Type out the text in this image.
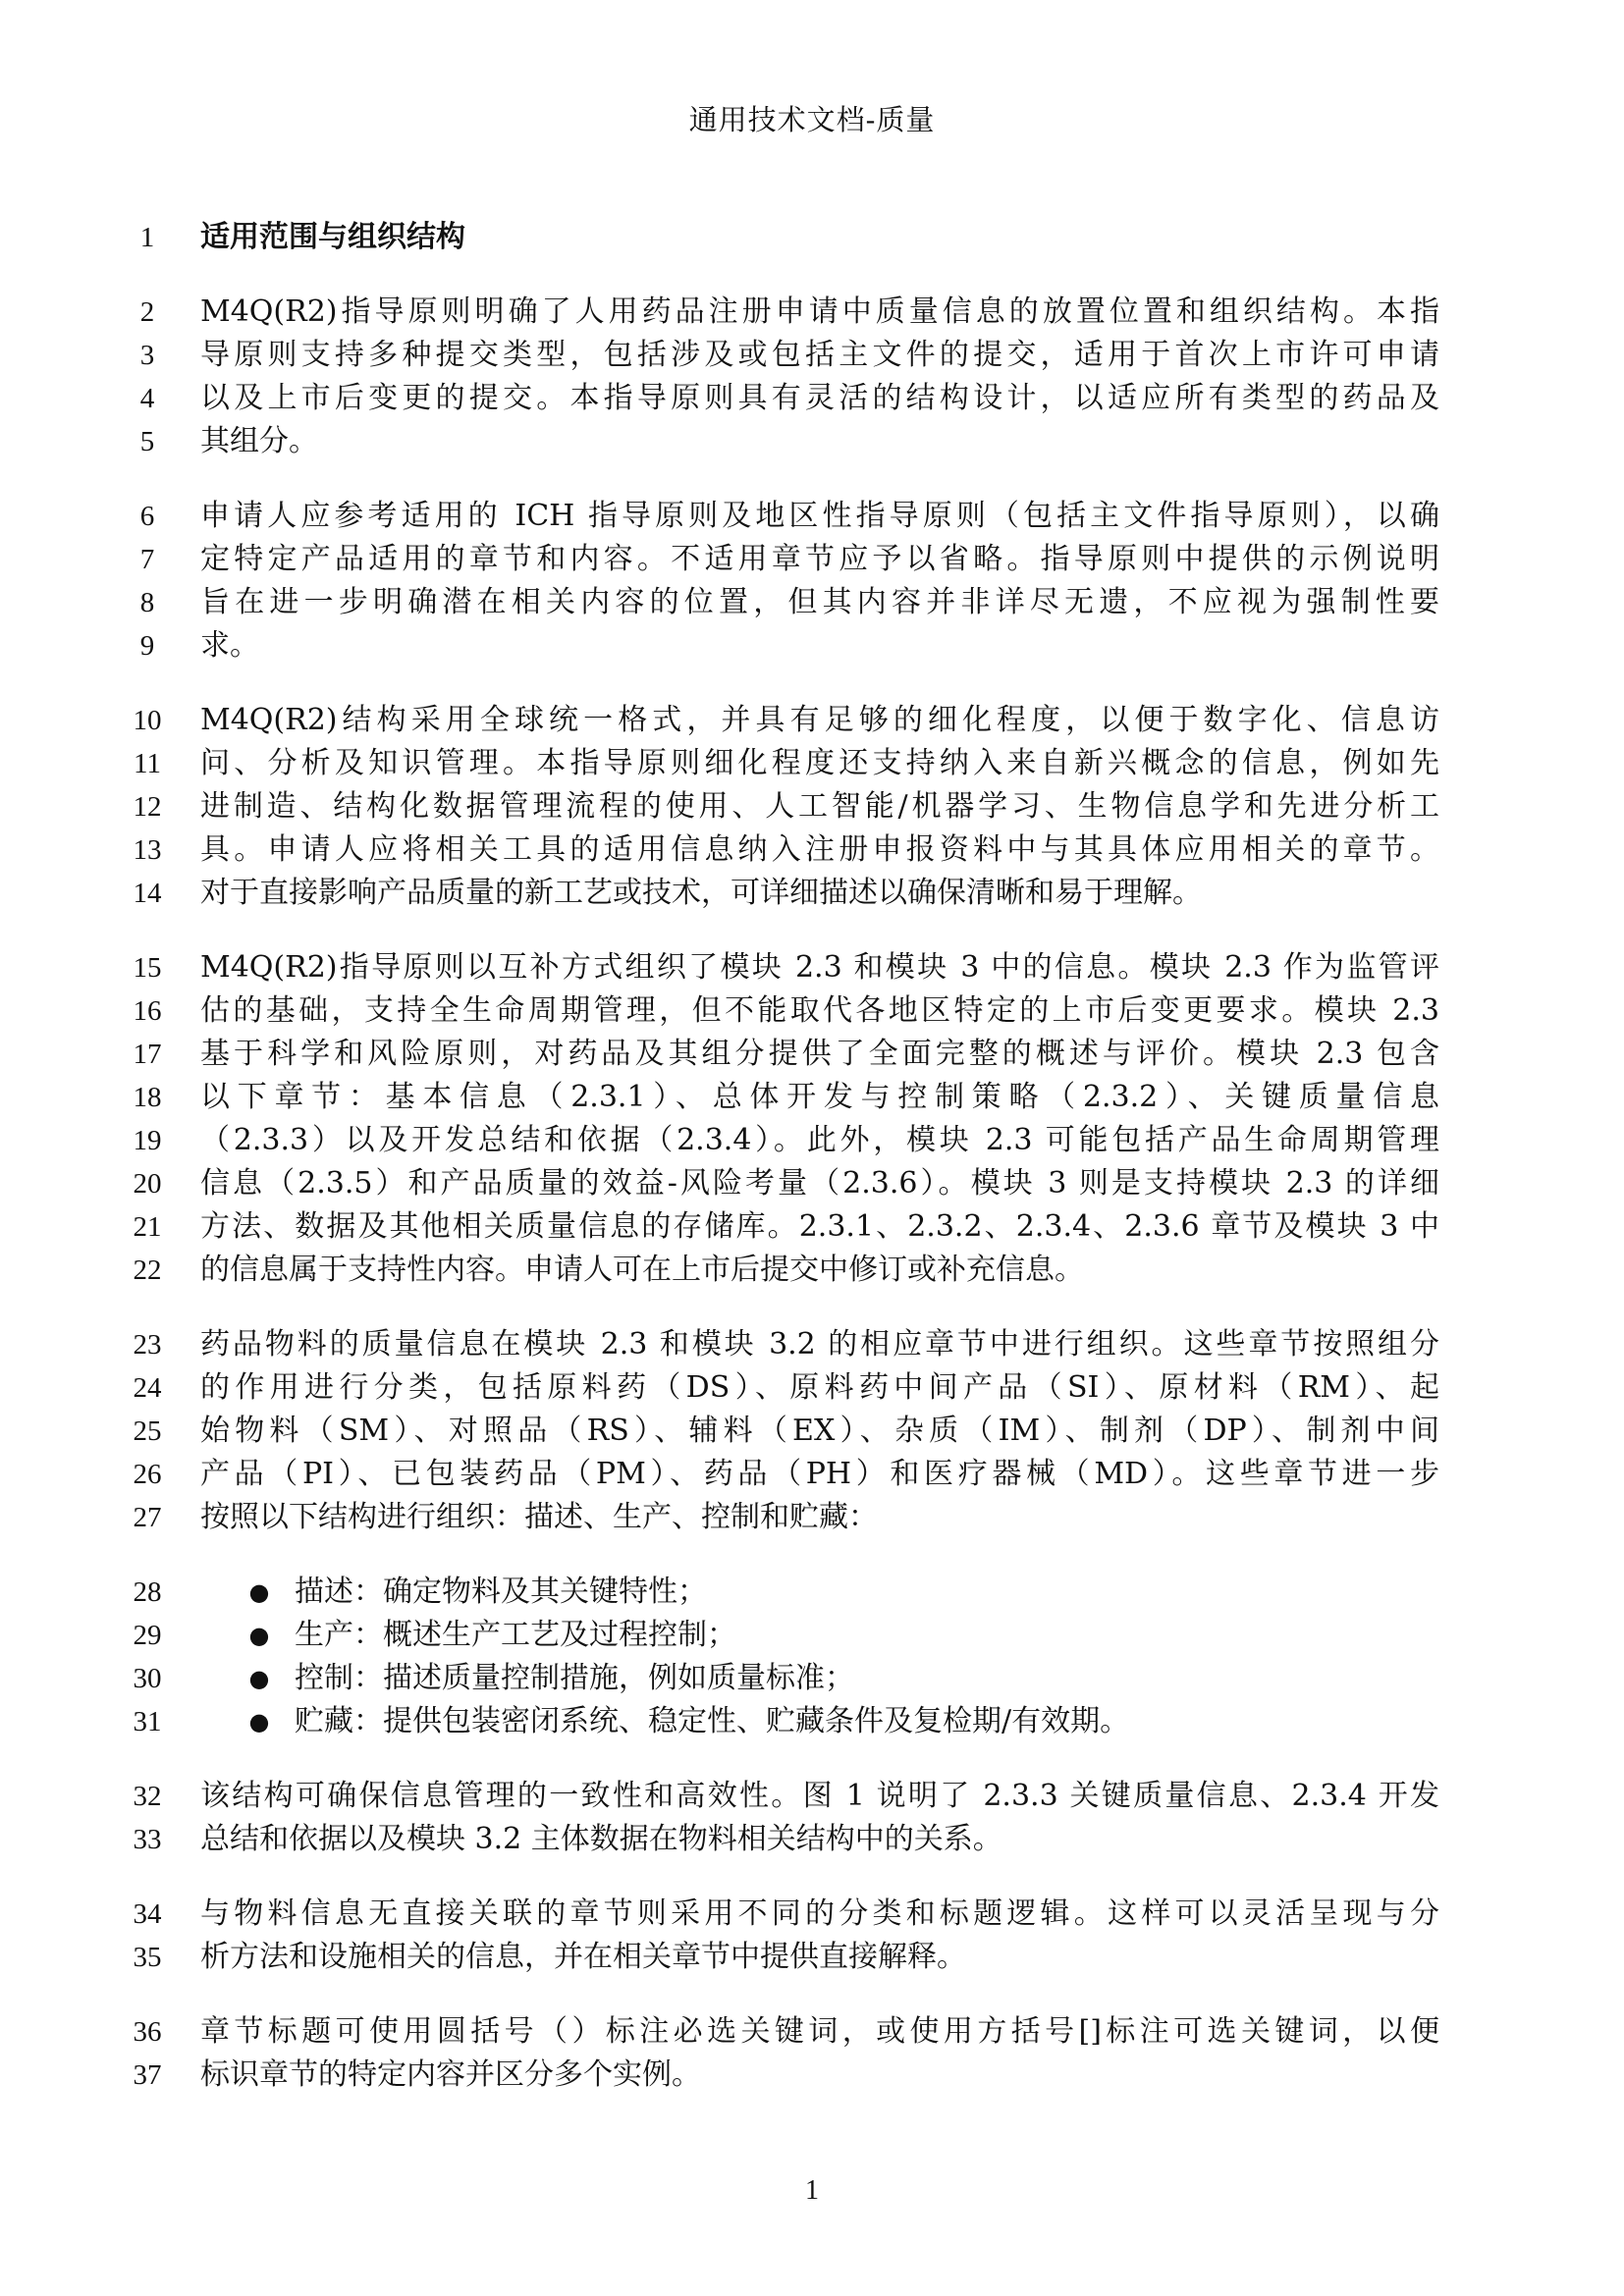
通用技术文档-质量
1	适用范围与组织结构
2	M4Q(R2)指导原则明确了人用药品注册申请中质量信息的放置位置和组织结构。本指
3	导原则支持多种提交类型，包括涉及或包括主文件的提交，适用于首次上市许可申请
4	以及上市后变更的提交。本指导原则具有灵活的结构设计，以适应所有类型的药品及
5	其组分。
6	申请人应参考适用的 ICH 指导原则及地区性指导原则（包括主文件指导原则），以确
7	定特定产品适用的章节和内容。不适用章节应予以省略。指导原则中提供的示例说明
8	旨在进一步明确潜在相关内容的位置，但其内容并非详尽无遗，不应视为强制性要
9	求。
10	M4Q(R2)结构采用全球统一格式，并具有足够的细化程度，以便于数字化、信息访
11	问、分析及知识管理。本指导原则细化程度还支持纳入来自新兴概念的信息，例如先
12	进制造、结构化数据管理流程的使用、人工智能/机器学习、生物信息学和先进分析工
13	具。申请人应将相关工具的适用信息纳入注册申报资料中与其具体应用相关的章节。
14	对于直接影响产品质量的新工艺或技术，可详细描述以确保清晰和易于理解。
15	M4Q(R2)指导原则以互补方式组织了模块 2.3 和模块 3 中的信息。模块 2.3 作为监管评
16	估的基础，支持全生命周期管理，但不能取代各地区特定的上市后变更要求。模块 2.3
17	基于科学和风险原则，对药品及其组分提供了全面完整的概述与评价。模块 2.3 包含
18	以下章节：基本信息（2.3.1）、总体开发与控制策略（2.3.2）、关键质量信息
19	（2.3.3）以及开发总结和依据（2.3.4）。此外，模块 2.3 可能包括产品生命周期管理
20	信息（2.3.5）和产品质量的效益-风险考量（2.3.6）。模块 3 则是支持模块 2.3 的详细
21	方法、数据及其他相关质量信息的存储库。2.3.1、2.3.2、2.3.4、2.3.6 章节及模块 3 中
22	的信息属于支持性内容。申请人可在上市后提交中修订或补充信息。
23	药品物料的质量信息在模块 2.3 和模块 3.2 的相应章节中进行组织。这些章节按照组分
24	的作用进行分类，包括原料药（DS）、原料药中间产品（SI）、原材料（RM）、起
25	始物料（SM）、对照品（RS）、辅料（EX）、杂质（IM）、制剂（DP）、制剂中间
26	产品（PI）、已包装药品（PM）、药品（PH）和医疗器械（MD）。这些章节进一步
27	按照以下结构进行组织：描述、生产、控制和贮藏：
28	● 描述：确定物料及其关键特性；
29	● 生产：概述生产工艺及过程控制；
30	● 控制：描述质量控制措施，例如质量标准；
31	● 贮藏：提供包装密闭系统、稳定性、贮藏条件及复检期/有效期。
32	该结构可确保信息管理的一致性和高效性。图 1 说明了 2.3.3 关键质量信息、2.3.4 开发
33	总结和依据以及模块 3.2 主体数据在物料相关结构中的关系。
34	与物料信息无直接关联的章节则采用不同的分类和标题逻辑。这样可以灵活呈现与分
35	析方法和设施相关的信息，并在相关章节中提供直接解释。
36	章节标题可使用圆括号（）标注必选关键词，或使用方括号[]标注可选关键词，以便
37	标识章节的特定内容并区分多个实例。
1
